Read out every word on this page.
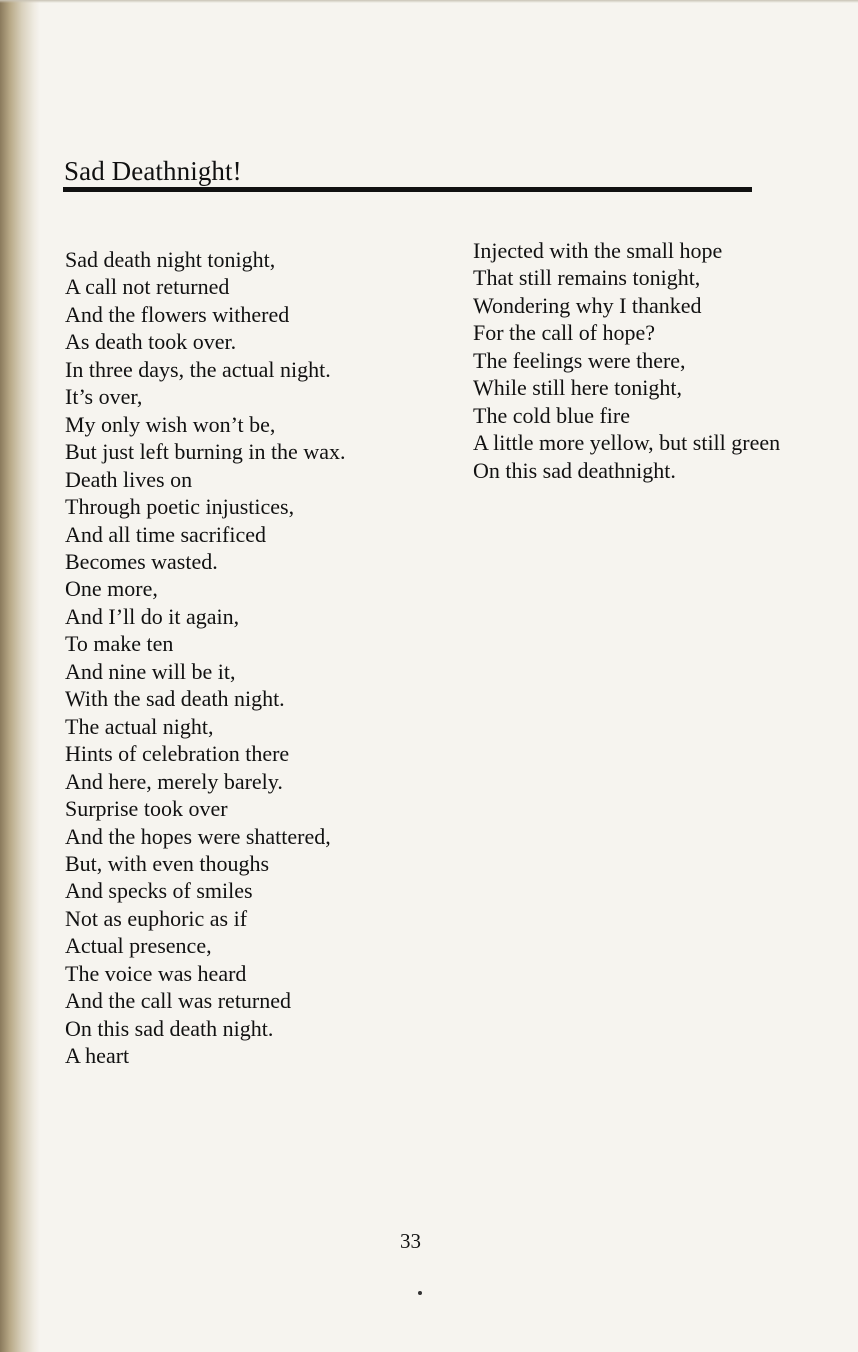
Sad Deathnight!
Sad death night tonight,
A call not returned
And the flowers withered
As death took over.
In three days, the actual night.
It’s over,
My only wish won’t be,
But just left burning in the wax.
Death lives on
Through poetic injustices,
And all time sacrificed
Becomes wasted.
One more,
And I’ll do it again,
To make ten
And nine will be it,
With the sad death night.
The actual night,
Hints of celebration there
And here, merely barely.
Surprise took over
And the hopes were shattered,
But, with even thoughs
And specks of smiles
Not as euphoric as if
Actual presence,
The voice was heard
And the call was returned
On this sad death night.
A heart
Injected with the small hope
That still remains tonight,
Wondering why I thanked
For the call of hope?
The feelings were there,
While still here tonight,
The cold blue fire
A little more yellow, but still green
On this sad deathnight.
33
